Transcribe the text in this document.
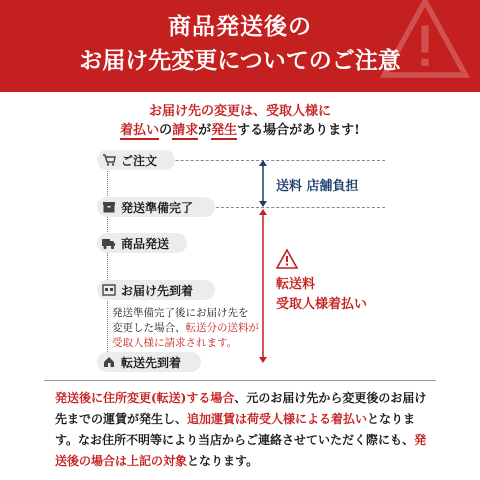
商品発送後の
お届け先変更についてのご注意
お届け先の変更は、受取人様に
着払いの請求が発生する場合があります!
ご注文
発送準備完了
商品発送
お届け先到着
発送準備完了後にお届け先を
変更した場合、転送分の送料が
受取人様に請求されます。
転送先到着
送料 店舗負担
転送料
受取人様着払い
発送後に住所変更(転送)する場合、元のお届け先から変更後のお届け先までの運賃が発生し、追加運賃は荷受人様による着払いとなります。なお住所不明等により当店からご連絡させていただく際にも、発送後の場合は上記の対象となります。
